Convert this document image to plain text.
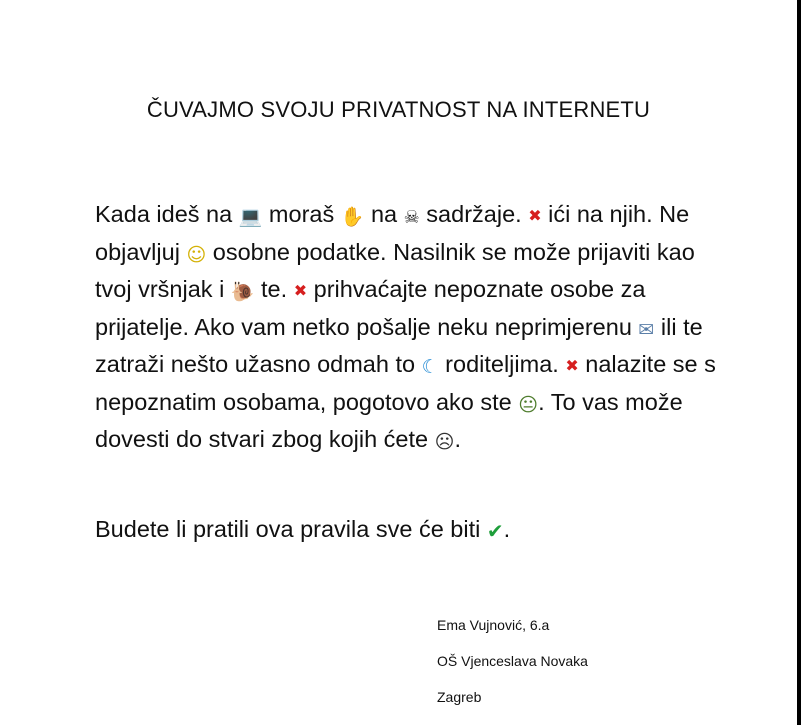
ČUVAJMO SVOJU PRIVATNOST NA INTERNETU
Kada ideš na 💻 moraš ✋ na ☠ sadržaje. ✖ ići na njih. Ne objavljuj ☺ osobne podatke. Nasilnik se može prijaviti kao tvoj vršnjak i 🐌 te. ✖ prihvaćajte nepoznate osobe za prijatelje. Ako vam netko pošalje neku neprimjerenu ✉ ili te zatraži nešto užasno odmah to ☾ roditeljima. ✖ nalazite se s nepoznatim osobama, pogotovo ako ste 😐. To vas može dovesti do stvari zbog kojih ćete ☹.
Budete li pratili ova pravila sve će biti ✔.
Ema Vujnović, 6.a
OŠ Vjenceslava Novaka
Zagreb
